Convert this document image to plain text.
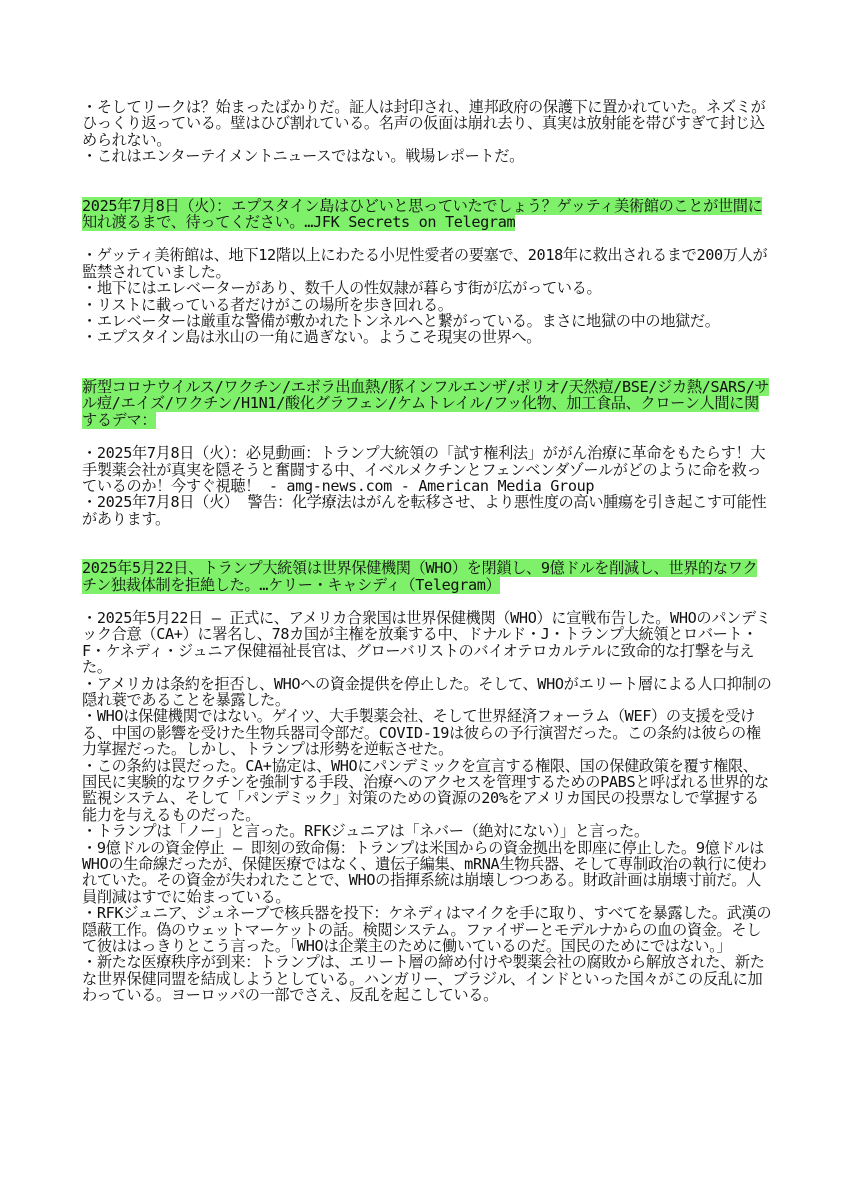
・そしてリークは？始まったばかりだ。証人は封印され、連邦政府の保護下に置かれていた。ネズミがひっくり返っている。壁はひび割れている。名声の仮面は崩れ去り、真実は放射能を帯びすぎて封じ込められない。

・これはエンターテイメントニュースではない。戦場レポートだ。

2025年7月8日（火）：エプスタイン島はひどいと思っていたでしょう？ゲッティ美術館のことが世間に知れ渡るまで、待ってください。…JFK Secrets on Telegram

・ゲッティ美術館は、地下12階以上にわたる小児性愛者の要塞で、2018年に救出されるまで200万人が監禁されていました。

・地下にはエレベーターがあり、数千人の性奴隷が暮らす街が広がっている。

・リストに載っている者だけがこの場所を歩き回れる。

・エレベーターは厳重な警備が敷かれたトンネルへと繋がっている。まさに地獄の中の地獄だ。

・エプスタイン島は氷山の一角に過ぎない。ようこそ現実の世界へ。

新型コロナウイルス/ワクチン/エボラ出血熱/豚インフルエンザ/ポリオ/天然痘/BSE/ジカ熱/SARS/サル痘/エイズ/ワクチン/H1N1/酸化グラフェン/ケムトレイル/フッ化物、加工食品、クローン人間に関するデマ：

・2025年7月8日（火）：必見動画：トランプ大統領の「試す権利法」ががん治療に革命をもたらす！大手製薬会社が真実を隠そうと奮闘する中、イベルメクチンとフェンベンダゾールがどのように命を救っているのか！今すぐ視聴！ - amg-news.com - American Media Group

・2025年7月8日（火） 警告：化学療法はがんを転移させ、より悪性度の高い腫瘍を引き起こす可能性があります。

2025年5月22日、トランプ大統領は世界保健機関（WHO）を閉鎖し、9億ドルを削減し、世界的なワクチン独裁体制を拒絶した。…ケリー・キャシディ（Telegram）

・2025年5月22日 – 正式に、アメリカ合衆国は世界保健機関（WHO）に宣戦布告した。WHOのパンデミック合意（CA+）に署名し、78カ国が主権を放棄する中、ドナルド・J・トランプ大統領とロバート・F・ケネディ・ジュニア保健福祉長官は、グローバリストのバイオテロカルテルに致命的な打撃を与えた。

・アメリカは条約を拒否し、WHOへの資金提供を停止した。そして、WHOがエリート層による人口抑制の隠れ蓑であることを暴露した。

・WHOは保健機関ではない。ゲイツ、大手製薬会社、そして世界経済フォーラム（WEF）の支援を受ける、中国の影響を受けた生物兵器司令部だ。COVID-19は彼らの予行演習だった。この条約は彼らの権力掌握だった。しかし、トランプは形勢を逆転させた。

・この条約は罠だった。CA+協定は、WHOにパンデミックを宣言する権限、国の保健政策を覆す権限、国民に実験的なワクチンを強制する手段、治療へのアクセスを管理するためのPABSと呼ばれる世界的な監視システム、そして「パンデミック」対策のための資源の20%をアメリカ国民の投票なしで掌握する能力を与えるものだった。

・トランプは「ノー」と言った。RFKジュニアは「ネバー（絶対にない）」と言った。

・9億ドルの資金停止 — 即刻の致命傷：トランプは米国からの資金拠出を即座に停止した。9億ドルはWHOの生命線だったが、保健医療ではなく、遺伝子編集、mRNA生物兵器、そして専制政治の執行に使われていた。その資金が失われたことで、WHOの指揮系統は崩壊しつつある。財政計画は崩壊寸前だ。人員削減はすでに始まっている。

・RFKジュニア、ジュネーブで核兵器を投下：ケネディはマイクを手に取り、すべてを暴露した。武漢の隠蔽工作。偽のウェットマーケットの話。検閲システム。ファイザーとモデルナからの血の資金。そして彼ははっきりとこう言った。「WHOは企業主のために働いているのだ。国民のためにではない。」

・新たな医療秩序が到来：トランプは、エリート層の締め付けや製薬会社の腐敗から解放された、新たな世界保健同盟を結成しようとしている。ハンガリー、ブラジル、インドといった国々がこの反乱に加わっている。ヨーロッパの一部でさえ、反乱を起こしている。
